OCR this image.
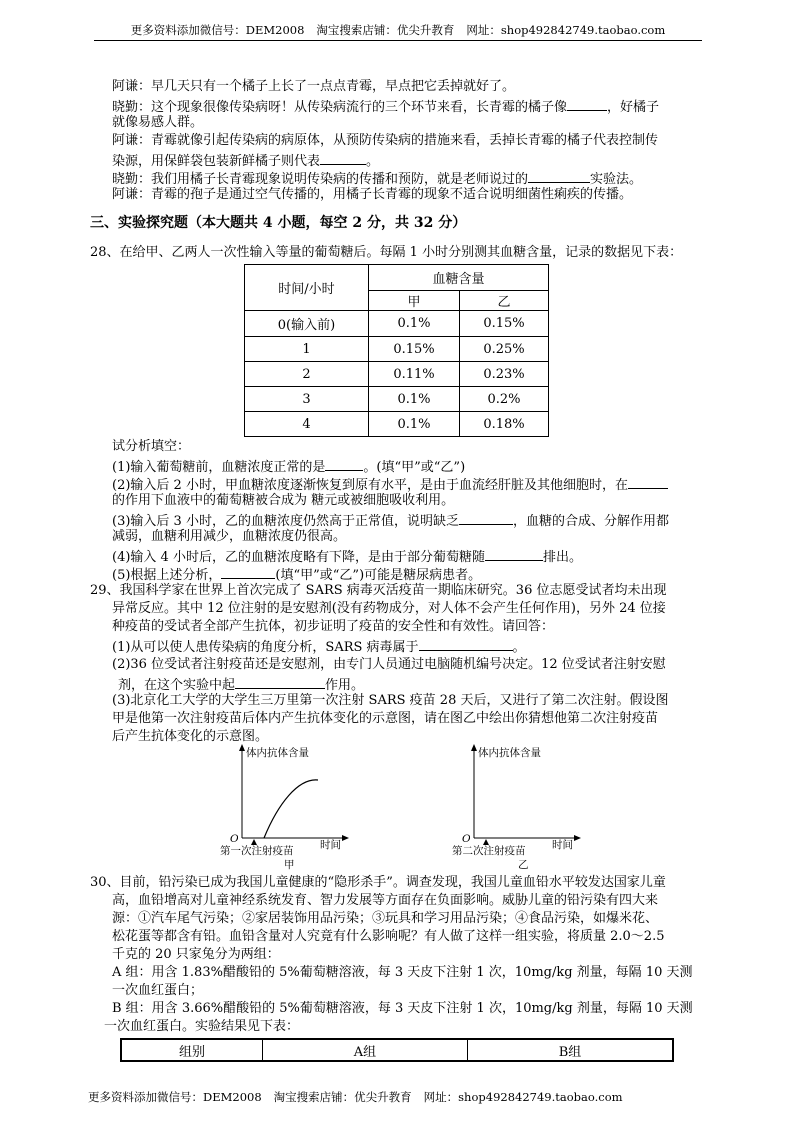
更多资料添加微信号：DEM2008 淘宝搜索店铺：优尖升教育 网址：shop492842749.taobao.com
阿谦：早几天只有一个橘子上长了一点点青霉，早点把它丢掉就好了。
晓勤：这个现象很像传染病呀！从传染病流行的三个环节来看，长青霉的橘子像	，好橘子
就像易感人群。
阿谦：青霉就像引起传染病的病原体，从预防传染病的措施来看，丢掉长青霉的橘子代表控制传
染源，用保鲜袋包装新鲜橘子则代表	。
晓勤：我们用橘子长青霉现象说明传染病的传播和预防，就是老师说过的	实验法。
阿谦：青霉的孢子是通过空气传播的，用橘子长青霉的现象不适合说明细菌性痢疾的传播。
三、实验探究题（本大题共 4 小题，每空 2 分，共 32 分）
28、在给甲、乙两人一次性输入等量的葡萄糖后。每隔 1 小时分别测其血糖含量，记录的数据见下表：
时间/小时	血糖含量	
	甲	乙
0(输入前)	0.1%	0.15%
1	0.15%	0.25%
2	0.11%	0.23%
3	0.1%	0.2%
4	0.1%	0.18%
试分析填空：
(1)输入葡萄糖前，血糖浓度正常的是	。(填“甲”或“乙”)
(2)输入后 2 小时，甲血糖浓度逐渐恢复到原有水平，是由于血流经肝脏及其他细胞时，在
的作用下血液中的葡萄糖被合成为 糖元或被细胞吸收利用。
(3)输入后 3 小时，乙的血糖浓度仍然高于正常值，说明缺乏	，血糖的合成、分解作用都
减弱，血糖利用减少，血糖浓度仍很高。
(4)输入 4 小时后，乙的血糖浓度略有下降，是由于部分葡萄糖随	排出。
(5)根据上述分析，	(填“甲”或“乙”)可能是糖尿病患者。
29、我国科学家在世界上首次完成了 SARS 病毒灭活疫苗一期临床研究。36 位志愿受试者均未出现
异常反应。其中 12 位注射的是安慰剂(没有药物成分，对人体不会产生任何作用)，另外 24 位接
种疫苗的受试者全部产生抗体，初步证明了疫苗的安全性和有效性。请回答：
(1)从可以使人患传染病的角度分析，SARS 病毒属于	。
(2)36 位受试者注射疫苗还是安慰剂，由专门人员通过电脑随机编号决定。12 位受试者注射安慰
剂，在这个实验中起	作用。
(3)北京化工大学的大学生三万里第一次注射 SARS 疫苗 28 天后，又进行了第二次注射。假设图
甲是他第一次注射疫苗后体内产生抗体变化的示意图，请在图乙中绘出你猜想他第二次注射疫苗
后产生抗体变化的示意图。
体内抗体含量
O
第一次注射疫苗	时间
甲
体内抗体含量
O
第二次注射疫苗	时间
乙
30、目前，铅污染已成为我国儿童健康的“隐形杀手”。调查发现，我国儿童血铅水平较发达国家儿童
高，血铅增高对儿童神经系统发育、智力发展等方面存在负面影响。威胁儿童的铅污染有四大来
源：①汽车尾气污染；②家居装饰用品污染；③玩具和学习用品污染；④食品污染，如爆米花、
松花蛋等都含有铅。血铅含量对人究竟有什么影响呢？有人做了这样一组实验，将质量 2.0～2.5
千克的 20 只家兔分为两组：
A 组：用含 1.83%醋酸铅的 5%葡萄糖溶液，每 3 天皮下注射 1 次，10mg/kg 剂量，每隔 10 天测
一次血红蛋白；
B 组：用含 3.66%醋酸铅的 5%葡萄糖溶液，每 3 天皮下注射 1 次，10mg/kg 剂量，每隔 10 天测
一次血红蛋白。实验结果见下表：
组别	A组	B组
更多资料添加微信号：DEM2008 淘宝搜索店铺：优尖升教育 网址：shop492842749.taobao.com
